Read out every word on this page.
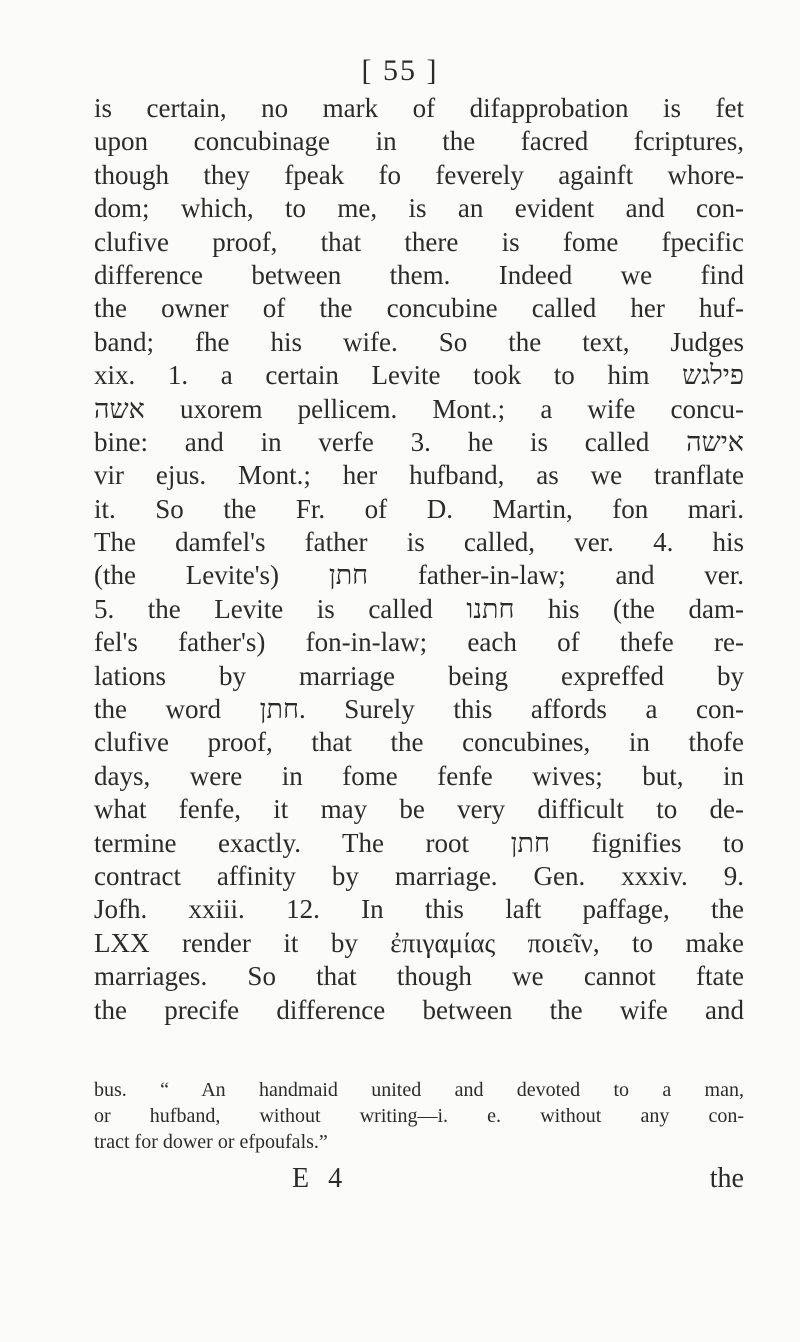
[ 55 ]
is certain, no mark of difapprobation is fet
upon concubinage in the facred fcriptures,
though they fpeak fo feverely againft whore-
dom; which, to me, is an evident and con-
clufive proof, that there is fome fpecific
difference between them. Indeed we find
the owner of the concubine called her huf-
band; fhe his wife. So the text, Judges
xix. 1. a certain Levite took to him פילגש
אשה uxorem pellicem. Mont.; a wife concu-
bine: and in verfe 3. he is called אישה
vir ejus. Mont.; her hufband, as we tranflate
it. So the Fr. of D. Martin, fon mari.
The damfel's father is called, ver. 4. his
(the Levite's) חתן father-in-law; and ver.
5. the Levite is called חתנו his (the dam-
fel's father's) fon-in-law; each of thefe re-
lations by marriage being expreffed by
the word חתן. Surely this affords a con-
clufive proof, that the concubines, in thofe
days, were in fome fenfe wives; but, in
what fenfe, it may be very difficult to de-
termine exactly. The root חתן fignifies to
contract affinity by marriage. Gen. xxxiv. 9.
Jofh. xxiii. 12. In this laft paffage, the
LXX render it by ἐπιγαμίας ποιεῖν, to make
marriages. So that though we cannot ftate
the precife difference between the wife and
bus. “ An handmaid united and devoted to a man,
or hufband, without writing—i. e. without any con-
tract for dower or efpoufals.”
E 4	the
